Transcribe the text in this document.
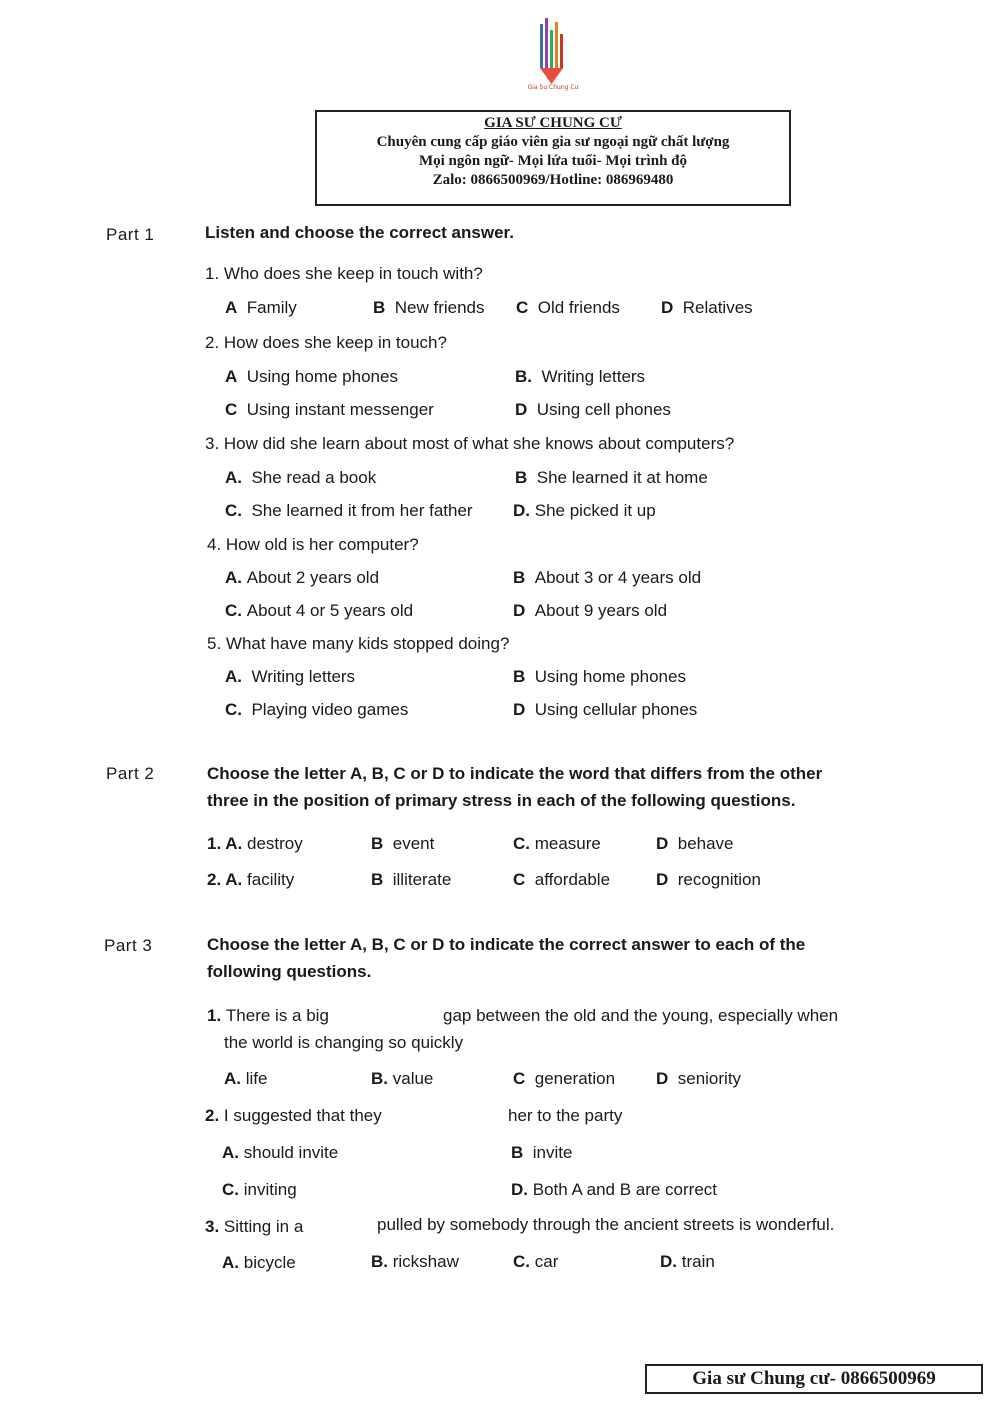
Gia Sư Chung Cư
GIA SƯ CHUNG CƯ
Chuyên cung cấp giáo viên gia sư ngoại ngữ chất lượng
Mọi ngôn ngữ- Mọi lứa tuổi- Mọi trình độ
Zalo: 0866500969/Hotline: 086969480
Part 1	Listen and choose the correct answer.
1. Who does she keep in touch with?
A Family	B New friends C Old friends D Relatives
2. How does she keep in touch?
A Using home phones	B. Writing letters
C Using instant messenger	D Using cell phones
3. How did she learn about most of what she knows about computers?
A. She read a book	B She learned it at home
C. She learned it from her father D. She picked it up
4. How old is her computer?
A. About 2 years old	B About 3 or 4 years old
C. About 4 or 5 years old	D About 9 years old
5. What have many kids stopped doing?
A. Writing letters	B Using home phones
C. Playing video games	D Using cellular phones
Part 2	Choose the letter A, B, C or D to indicate the word that differs from the other
three in the position of primary stress in each of the following questions.
1. A. destroy	B event	C. measure	D behave
2. A. facility	B illiterate	C affordable	D recognition
Part 3	Choose the letter A, B, C or D to indicate the correct answer to each of the
following questions.
1. There is a big	gap between the old and the young, especially when
the world is changing so quickly
A. life	B. value	C generation D seniority
2. I suggested that they	her to the party
A. should invite	B invite
C. inviting	D. Both A and B are correct
3. Sitting in a	pulled by somebody through the ancient streets is wonderful.
A. bicycle	B. rickshaw	C. car	D. train
Gia sư Chung cư- 0866500969
